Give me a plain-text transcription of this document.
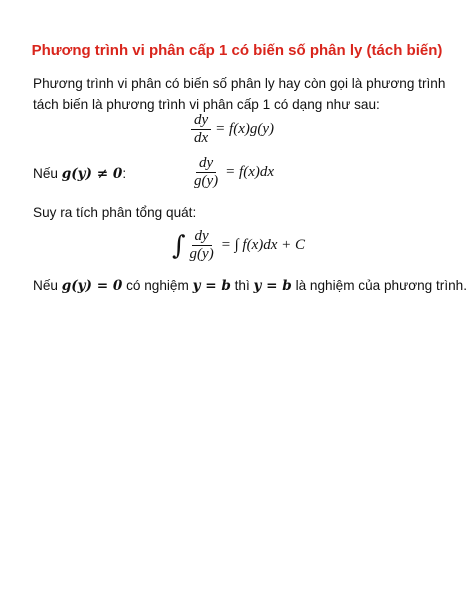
Phương trình vi phân cấp 1 có biến số phân ly (tách biến)
Phương trình vi phân có biến số phân ly hay còn gọi là phương trình tách biến là phương trình vi phân cấp 1 có dạng như sau:
$\frac{dy}{dx} = f(x)g(y)$
Nếu g(y) ≠ 0:	$\frac{dy}{g(y)} = f(x)dx$
Suy ra tích phân tổng quát:
∫ $\frac{dy}{g(y)}$ = ∫ f(x)dx + C
Nếu g(y) = 0 có nghiệm y = b thì y = b là nghiệm của phương trình.
